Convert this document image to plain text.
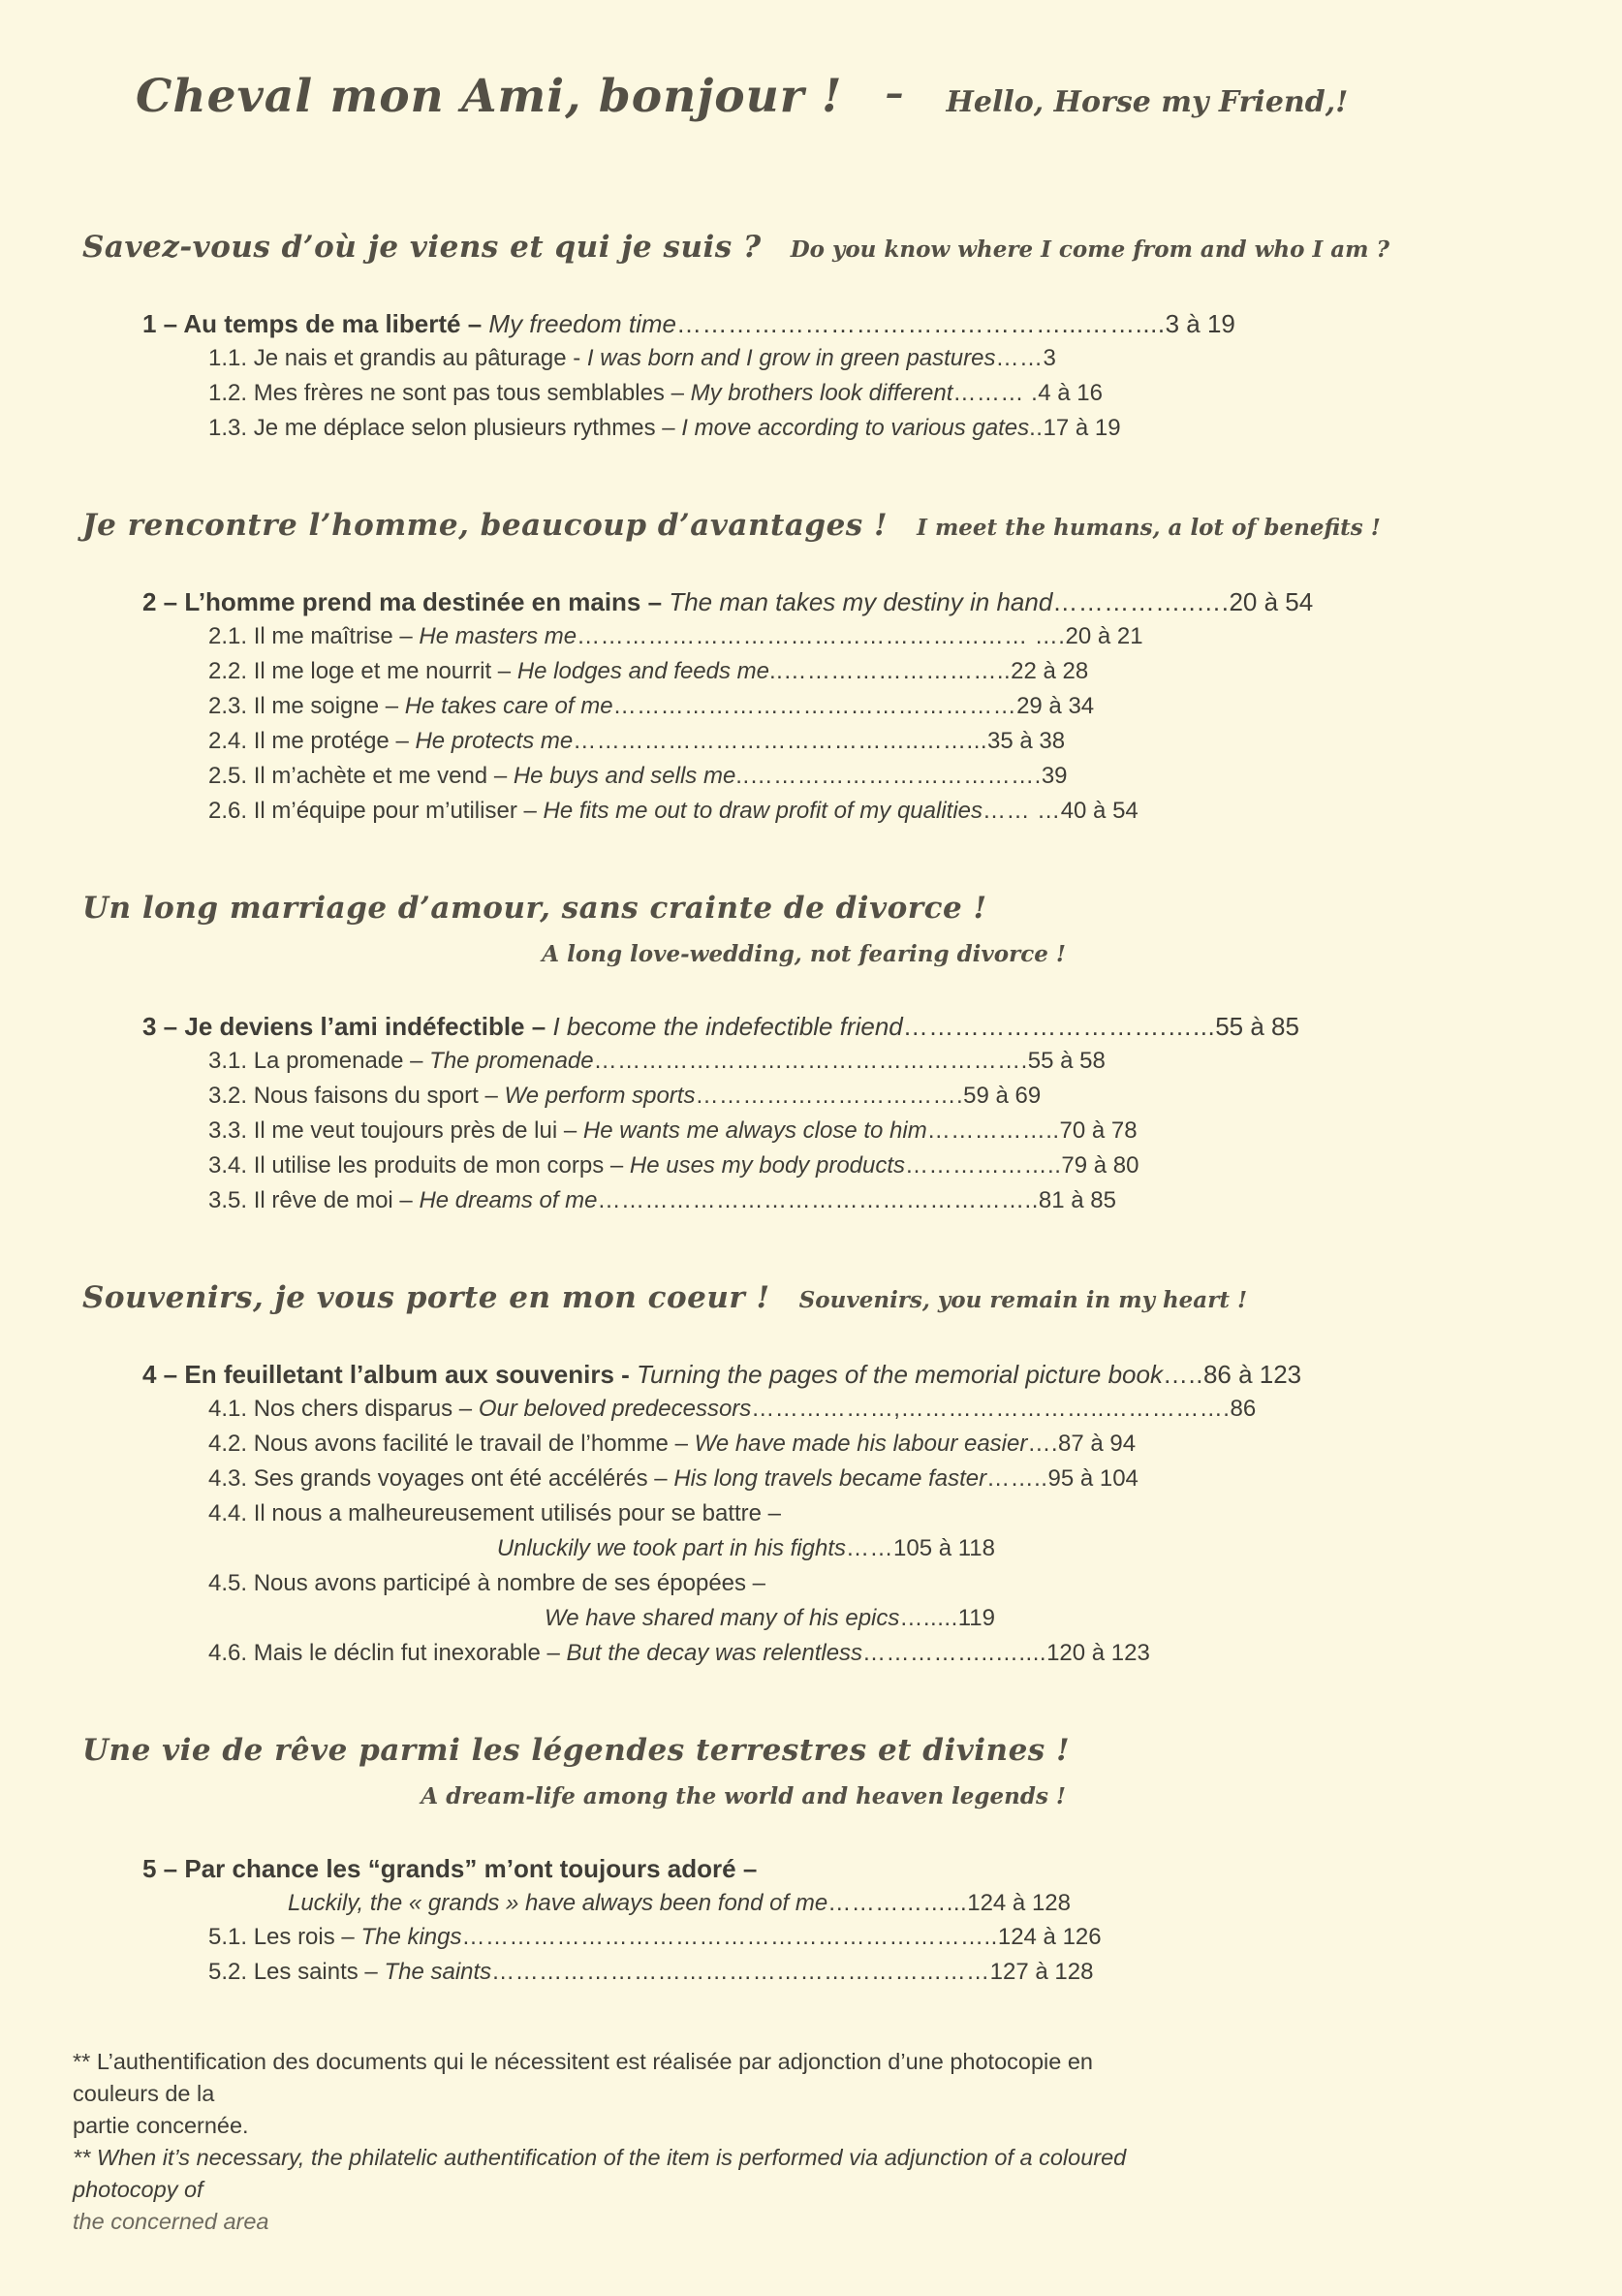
Cheval mon Ami, bonjour ! – Hello, Horse my Friend,!
Savez-vous d’où je viens et qui je suis ? Do you know where I come from and who I am ?
1 – Au temps de ma liberté – My freedom time………………………………………...……....3 à 19
1.1. Je nais et grandis au pâturage - I was born and I grow in green pastures……3
1.2. Mes frères ne sont pas tous semblables – My brothers look different……… .4 à 16
1.3. Je me déplace selon plusieurs rythmes – I move according to various gates..17 à 19
Je rencontre l’homme, beaucoup d’avantages ! I meet the humans, a lot of benefits !
2 – L’homme prend ma destinée en mains – The man takes my destiny in hand……………..….20 à 54
2.1. Il me maîtrise – He masters me………………………………………………… ….20 à 21
2.2. Il me loge et me nourrit – He lodges and feeds me..………………………..22 à 28
2.3. Il me soigne – He takes care of me……………………………………………29 à 34
2.4. Il me protége – He protects me……………………………………..……...35 à 38
2.5. Il m’achète et me vend – He buys and sells me..……………………………….39
2.6. Il m’équipe pour m’utiliser – He fits me out to draw profit of my qualities…… …40 à 54
Un long marriage d’amour, sans crainte de divorce !
A long love-wedding, not fearing divorce !
3 – Je deviens l’ami indéfectible – I become the indefectible friend………………………….…...55 à 85
3.1. La promenade – The promenade……………………………………………….55 à 58
3.2. Nous faisons du sport – We perform sports…………………………….59 à 69
3.3. Il me veut toujours près de lui – He wants me always close to him……………..70 à 78
3.4. Il utilise les produits de mon corps – He uses my body products………………..79 à 80
3.5. Il rêve de moi – He dreams of me………………………………………………..81 à 85
Souvenirs, je vous porte en mon coeur ! Souvenirs, you remain in my heart !
4 – En feuilletant l’album aux souvenirs - Turning the pages of the memorial picture book…..86 à 123
4.1. Nos chers disparus – Our beloved predecessors………………,……………………..…………….86
4.2. Nous avons facilité le travail de l’homme – We have made his labour easier….87 à 94
4.3. Ses grands voyages ont été accélérés – His long travels became faster……..95 à 104
4.4. Il nous a malheureusement utilisés pour se battre –
Unluckily we took part in his fights……105 à 118
4.5. Nous avons participé à nombre de ses épopées –
We have shared many of his epics….....119
4.6. Mais le déclin fut inexorable – But the decay was relentless……………..…....120 à 123
Une vie de rêve parmi les légendes terrestres et divines !
A dream-life among the world and heaven legends !
5 – Par chance les “grands” m’ont toujours adoré –
Luckily, the « grands » have always been fond of me……………...124 à 128
5.1. Les rois – The kings…………………………………………………………..124 à 126
5.2. Les saints – The saints………………………………………………………127 à 128
** L’authentification des documents qui le nécessitent est réalisée par adjonction d’une photocopie en couleurs de la
partie concernée.
** When it’s necessary, the philatelic authentification of the item is performed via adjunction of a coloured photocopy of
the concerned area
